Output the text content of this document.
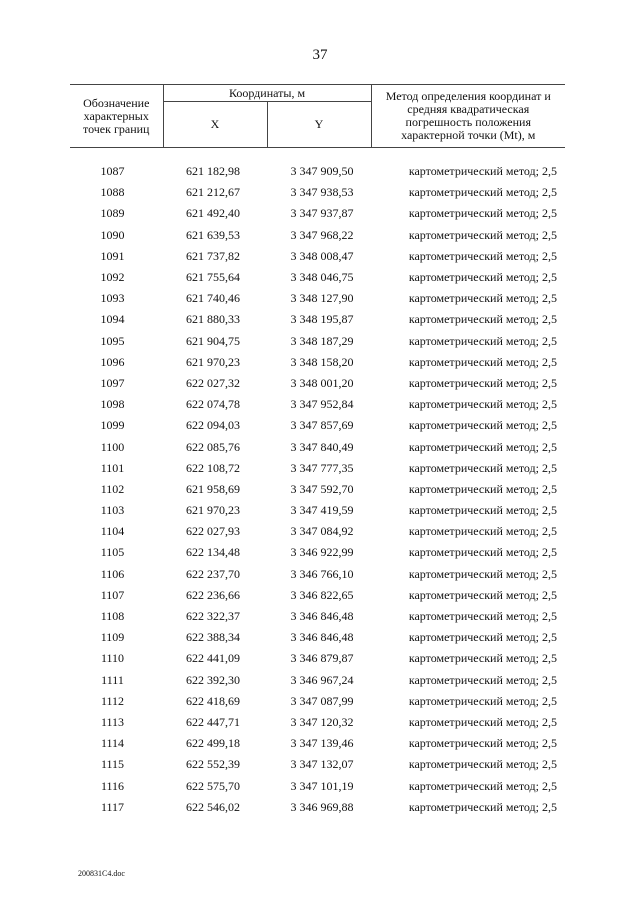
37
Обозначение характерных точек границ	Координаты, м		Метод определения координат и средняя квадратическая погрешность положения характерной точки (Mt), м
	X	Y	

1087	621 182,98	3 347 909,50	картометрический метод; 2,5
1088	621 212,67	3 347 938,53	картометрический метод; 2,5
1089	621 492,40	3 347 937,87	картометрический метод; 2,5
1090	621 639,53	3 347 968,22	картометрический метод; 2,5
1091	621 737,82	3 348 008,47	картометрический метод; 2,5
1092	621 755,64	3 348 046,75	картометрический метод; 2,5
1093	621 740,46	3 348 127,90	картометрический метод; 2,5
1094	621 880,33	3 348 195,87	картометрический метод; 2,5
1095	621 904,75	3 348 187,29	картометрический метод; 2,5
1096	621 970,23	3 348 158,20	картометрический метод; 2,5
1097	622 027,32	3 348 001,20	картометрический метод; 2,5
1098	622 074,78	3 347 952,84	картометрический метод; 2,5
1099	622 094,03	3 347 857,69	картометрический метод; 2,5
1100	622 085,76	3 347 840,49	картометрический метод; 2,5
1101	622 108,72	3 347 777,35	картометрический метод; 2,5
1102	621 958,69	3 347 592,70	картометрический метод; 2,5
1103	621 970,23	3 347 419,59	картометрический метод; 2,5
1104	622 027,93	3 347 084,92	картометрический метод; 2,5
1105	622 134,48	3 346 922,99	картометрический метод; 2,5
1106	622 237,70	3 346 766,10	картометрический метод; 2,5
1107	622 236,66	3 346 822,65	картометрический метод; 2,5
1108	622 322,37	3 346 846,48	картометрический метод; 2,5
1109	622 388,34	3 346 846,48	картометрический метод; 2,5
1110	622 441,09	3 346 879,87	картометрический метод; 2,5
1111	622 392,30	3 346 967,24	картометрический метод; 2,5
1112	622 418,69	3 347 087,99	картометрический метод; 2,5
1113	622 447,71	3 347 120,32	картометрический метод; 2,5
1114	622 499,18	3 347 139,46	картометрический метод; 2,5
1115	622 552,39	3 347 132,07	картометрический метод; 2,5
1116	622 575,70	3 347 101,19	картометрический метод; 2,5
1117	622 546,02	3 346 969,88	картометрический метод; 2,5
200831C4.doc
